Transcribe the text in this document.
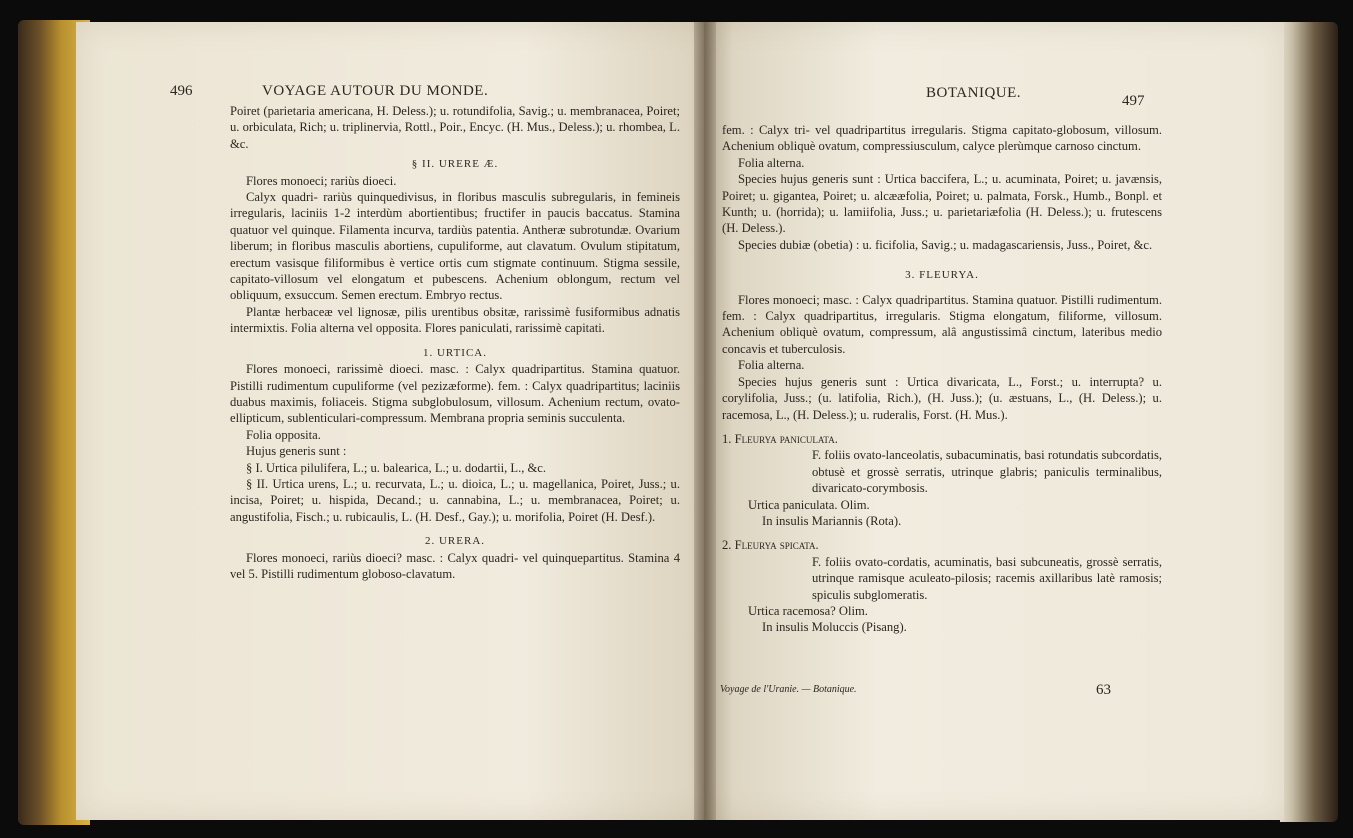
496	VOYAGE AUTOUR DU MONDE.

Poiret (parietaria americana, H. Deless.); u. rotundifolia, Savig.; u. membranacea, Poiret; u. orbiculata, Rich; u. triplinervia, Rottl., Poir., Encyc. (H. Mus., Deless.); u. rhombea, L. &c.

§ II. URERE Æ.

Flores monoeci; rariùs dioeci.

Calyx quadri- rariùs quinquedivisus, in floribus masculis subregularis, in femineis irregularis, laciniis 1-2 interdùm abortientibus; fructifer in paucis baccatus. Stamina quatuor vel quinque. Filamenta incurva, tardiùs patentia. Antheræ subrotundæ. Ovarium liberum; in floribus masculis abortiens, cupuliforme, aut clavatum. Ovulum stipitatum, erectum vasisque filiformibus è vertice ortis cum stigmate continuum. Stigma sessile, capitato-villosum vel elongatum et pubescens. Achenium oblongum, rectum vel obliquum, exsuccum. Semen erectum. Embryo rectus.

Plantæ herbaceæ vel lignosæ, pilis urentibus obsitæ, rarissimè fusiformibus adnatis intermixtis. Folia alterna vel opposita. Flores paniculati, rarissimè capitati.

1. URTICA.

Flores monoeci, rarissimè dioeci. masc. : Calyx quadripartitus. Stamina quatuor. Pistilli rudimentum cupuliforme (vel pezizæforme). fem. : Calyx quadripartitus; laciniis duabus maximis, foliaceis. Stigma subglobulosum, villosum. Achenium rectum, ovato-ellipticum, sublenticulari-compressum. Membrana propria seminis succulenta.

Folia opposita.

Hujus generis sunt :

§ I. Urtica pilulifera, L.; u. balearica, L.; u. dodartii, L., &c.

§ II. Urtica urens, L.; u. recurvata, L.; u. dioica, L.; u. magellanica, Poiret, Juss.; u. incisa, Poiret; u. hispida, Decand.; u. cannabina, L.; u. membranacea, Poiret; u. angustifolia, Fisch.; u. rubicaulis, L. (H. Desf., Gay.); u. morifolia, Poiret (H. Desf.).

2. URERA.

Flores monoeci, rariùs dioeci? masc. : Calyx quadri- vel quinquepartitus. Stamina 4 vel 5. Pistilli rudimentum globoso-clavatum.

BOTANIQUE.	497

fem. : Calyx tri- vel quadripartitus irregularis. Stigma capitato-globosum, villosum. Achenium obliquè ovatum, compressiusculum, calyce plerùmque carnoso cinctum.

Folia alterna.

Species hujus generis sunt : Urtica baccifera, L.; u. acuminata, Poiret; u. javænsis, Poiret; u. gigantea, Poiret; u. alcææfolia, Poiret; u. palmata, Forsk., Humb., Bonpl. et Kunth; u. (horrida); u. lamiifolia, Juss.; u. parietariæfolia (H. Deless.); u. frutescens (H. Deless.).

Species dubiæ (obetia) : u. ficifolia, Savig.; u. madagascariensis, Juss., Poiret, &c.

3. FLEURYA.

Flores monoeci; masc. : Calyx quadripartitus. Stamina quatuor. Pistilli rudimentum. fem. : Calyx quadripartitus, irregularis. Stigma elongatum, filiforme, villosum. Achenium obliquè ovatum, compressum, alâ angustissimâ cinctum, lateribus medio concavis et tuberculosis.

Folia alterna.

Species hujus generis sunt : Urtica divaricata, L., Forst.; u. interrupta? u. corylifolia, Juss.; (u. latifolia, Rich.), (H. Juss.); (u. æstuans, L., (H. Deless.); u. racemosa, L., (H. Deless.); u. ruderalis, Forst. (H. Mus.).

1. Fleurya paniculata.

F. foliis ovato-lanceolatis, subacuminatis, basi rotundatis subcordatis, obtusè et grossè serratis, utrinque glabris; paniculis terminalibus, divaricato-corymbosis.

Urtica paniculata. Olim.

In insulis Mariannis (Rota).

2. Fleurya spicata.

F. foliis ovato-cordatis, acuminatis, basi subcuneatis, grossè serratis, utrinque ramisque aculeato-pilosis; racemis axillaribus latè ramosis; spiculis subglomeratis.

Urtica racemosa? Olim.

In insulis Moluccis (Pisang).

Voyage de l'Uranie. — Botanique.	63
